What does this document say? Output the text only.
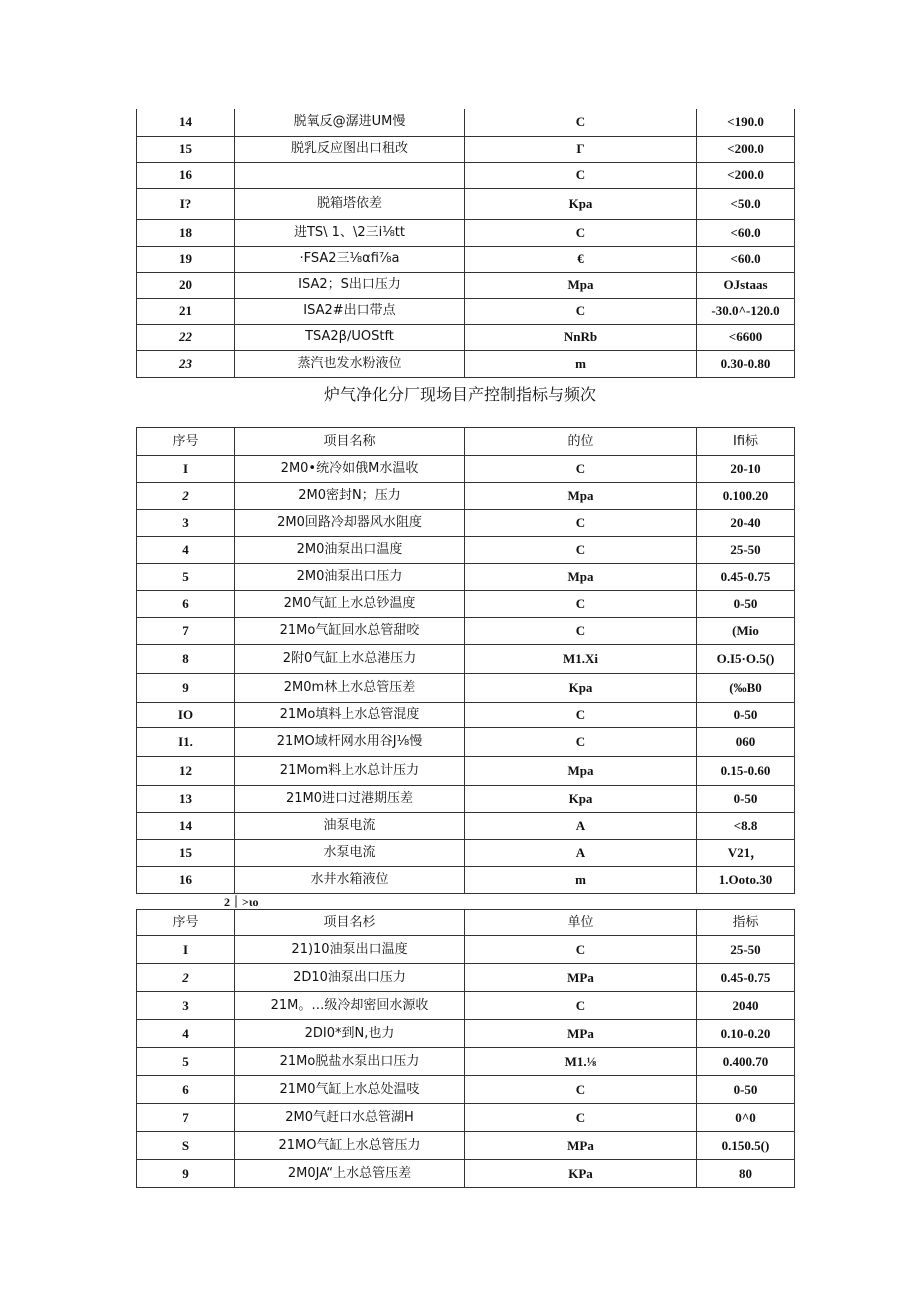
14	脱氧反@潺进UM慢	C	<190.0
15	脱乳反应图出口租改	Γ	<200.0
16		C	<200.0
I?	脱箱塔依差	Kpa	<50.0
18	进TS\ 1、\2三i⅛tt	C	<60.0
19	·FSA2三⅛αfi⅞a	€	<60.0
20	ISA2；S出口压力	Mpa	OJstaas
21	ISA2#出口带点	C	-30.0^-120.0
22	TSA2β∕UOStft	NnRb	<6600
23	蒸汽也发水粉液位	m	0.30-0.80
炉气净化分厂现场目产控制指标与频次
序号	项目名称	的位	Ifi标
I	2M0•统冷如俄M水温收	C	20-10
2	2M0密封N；压力	Mpa	0.100.20
3	2M0回路冷却器风水阻度	C	20-40
4	2M0油泵出口温度	C	25-50
5	2M0油泵出口压力	Mpa	0.45-0.75
6	2M0气缸上水总钞温度	C	0-50
7	21Mo气缸回水总管甜咬	C	(Mio
8	2附0气缸上水总港压力	M1.Xi	O.I5·O.5()
9	2M0m林上水总管压差	Kpa	(‰B0
IO	21Mo填料上水总管混度	C	0-50
I1.	21MO域杆网水用谷J⅛慢	C	060
12	21Mom料上水总计压力	Mpa	0.15-0.60
13	21M0进口过港期压差	Kpa	0-50
14	油泵电流	A	<8.8
15	水泵电流	A	V21，
16	水井水箱液位	m	1.Ooto.30
2｜>ιo
序号	项目名杉	单位	指标
I	21)10油泵出口温度	C	25-50
2	2D10油泵出口压力	MPa	0.45-0.75
3	21M。…级冷却密回水源收	C	2040
4	2DI0*到N,也力	MPa	0.10-0.20
5	21Mo脱盐水泵出口压力	M1.⅛	0.400.70
6	21M0气缸上水总处温吱	C	0-50
7	2M0气赶口水总管湖H	C	0^0
S	21MO气缸上水总管压力	MPa	0.150.5()
9	2M0JA“上水总管压差	KPa	80
